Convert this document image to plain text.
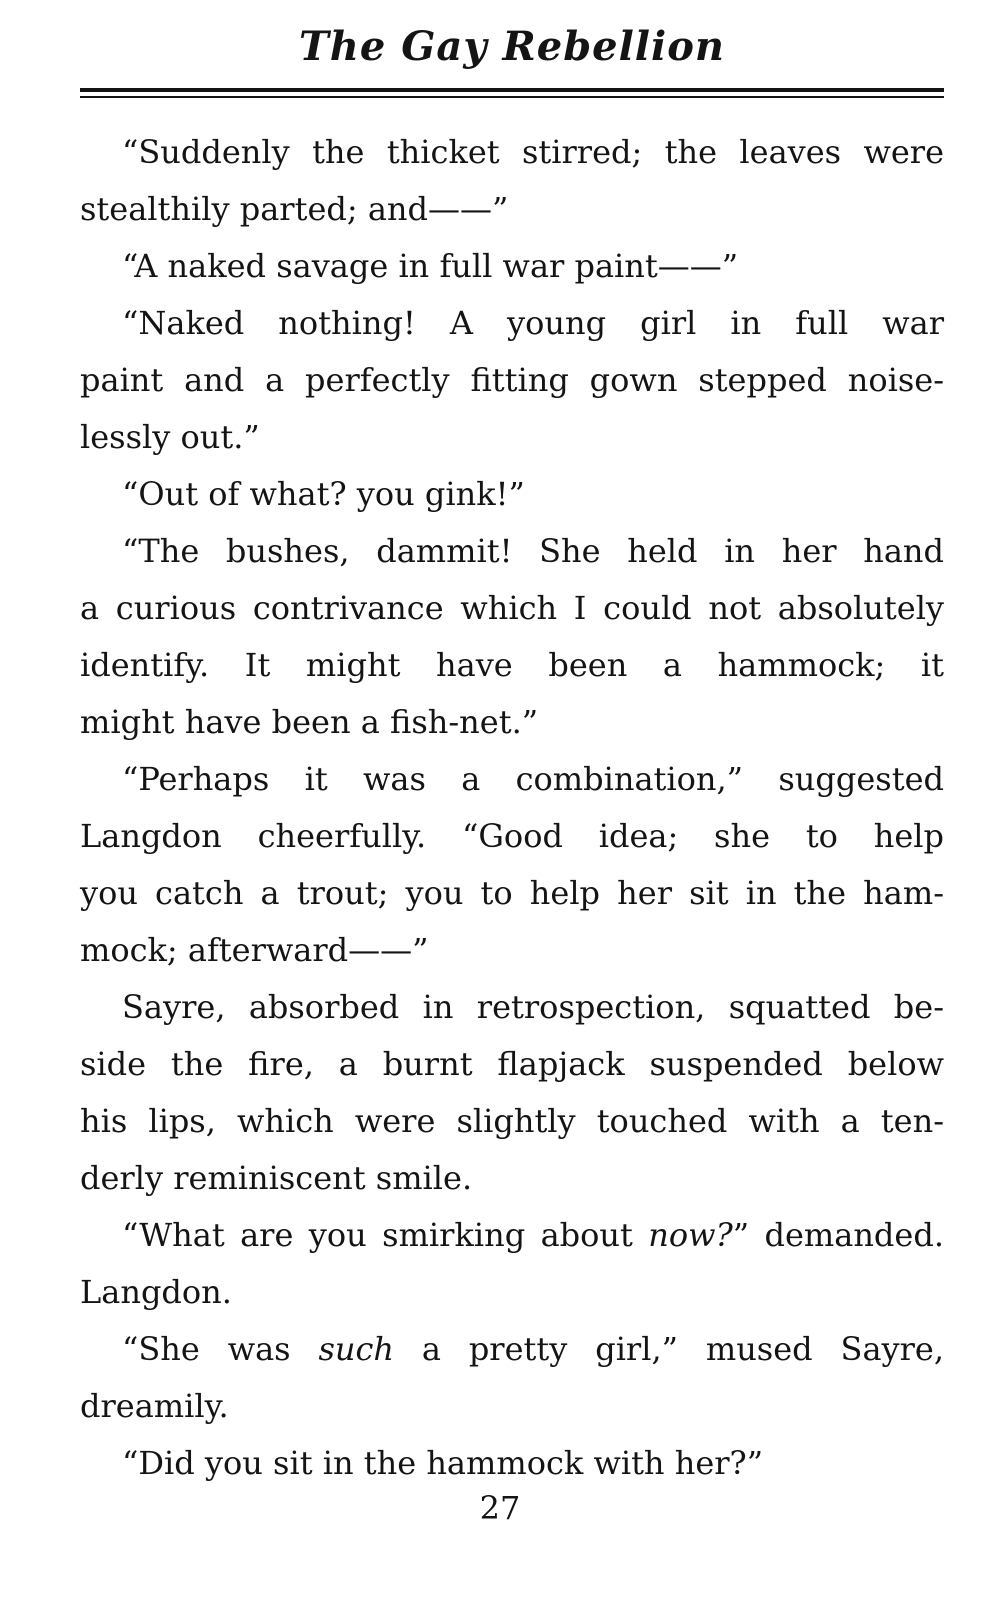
The Gay Rebellion
“Suddenly the thicket stirred; the leaves were
stealthily parted; and——”
“A naked savage in full war paint——”
“Naked nothing! A young girl in full war
paint and a perfectly fitting gown stepped noise-
lessly out.”
“Out of what? you gink!”
“The bushes, dammit! She held in her hand
a curious contrivance which I could not absolutely
identify. It might have been a hammock; it
might have been a fish-net.”
“Perhaps it was a combination,” suggested
Langdon cheerfully. “Good idea; she to help
you catch a trout; you to help her sit in the ham-
mock; afterward——”
Sayre, absorbed in retrospection, squatted be-
side the fire, a burnt flapjack suspended below
his lips, which were slightly touched with a ten-
derly reminiscent smile.
“What are you smirking about now?” demanded.
Langdon.
“She was such a pretty girl,” mused Sayre,
dreamily.
“Did you sit in the hammock with her?”
27
